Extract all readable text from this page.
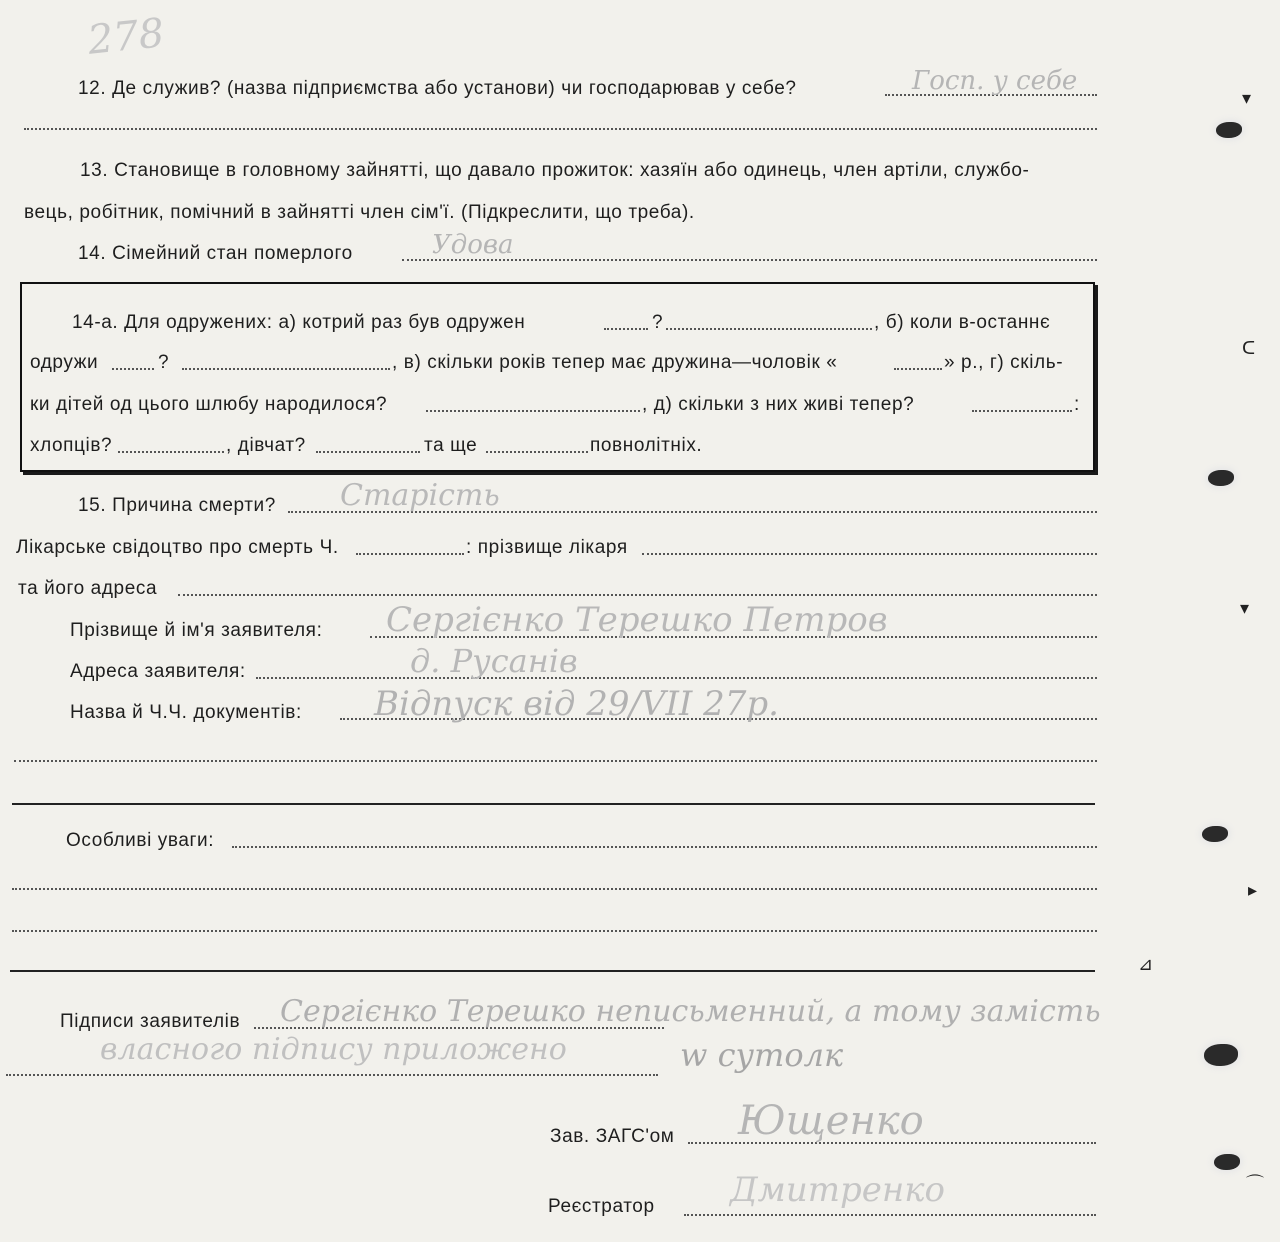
278
12. Де служив? (назва підприємства або установи) чи господарював у себе?	Госп. у себе
13. Становище в головному зайнятті, що давало прожиток: хазяїн або одинець, член артіли, службо-
вець, робітник, помічний в зайнятті член сім'ї. (Підкреслити, що треба).
14. Сімейний стан померлого	Удова
14-а. Для одружених: а) котрий раз був одружен	?	, б) коли в-останнє
одружи	?	, в) скільки років тепер має дружина—чоловік «	» р., г) скіль-
ки дітей од цього шлюбу народилося?	, д) скільки з них живі тепер?	:
хлопців?	, дівчат?	та ще	повнолітніх.
15. Причина смерти? Старість
Лікарське свідоцтво про смерть Ч.	: прізвище лікаря
та його адреса
Прізвище й ім'я заявителя: Сергієнко Терешко Петров
Адреса заявителя:	д. Русанів
Назва й Ч.Ч. документів: Відпуск від 29/VII 27р.
Особливі уваги:
Підписи заявителів Сергієнко Терешко неписьменний, а тому замість
власного підпису приложено	w сутолк
Зав. ЗАГС'ом Ющенко
Реєстратор Дмитренко
▾
ᑕ
▾
▸
⊿
⌒
